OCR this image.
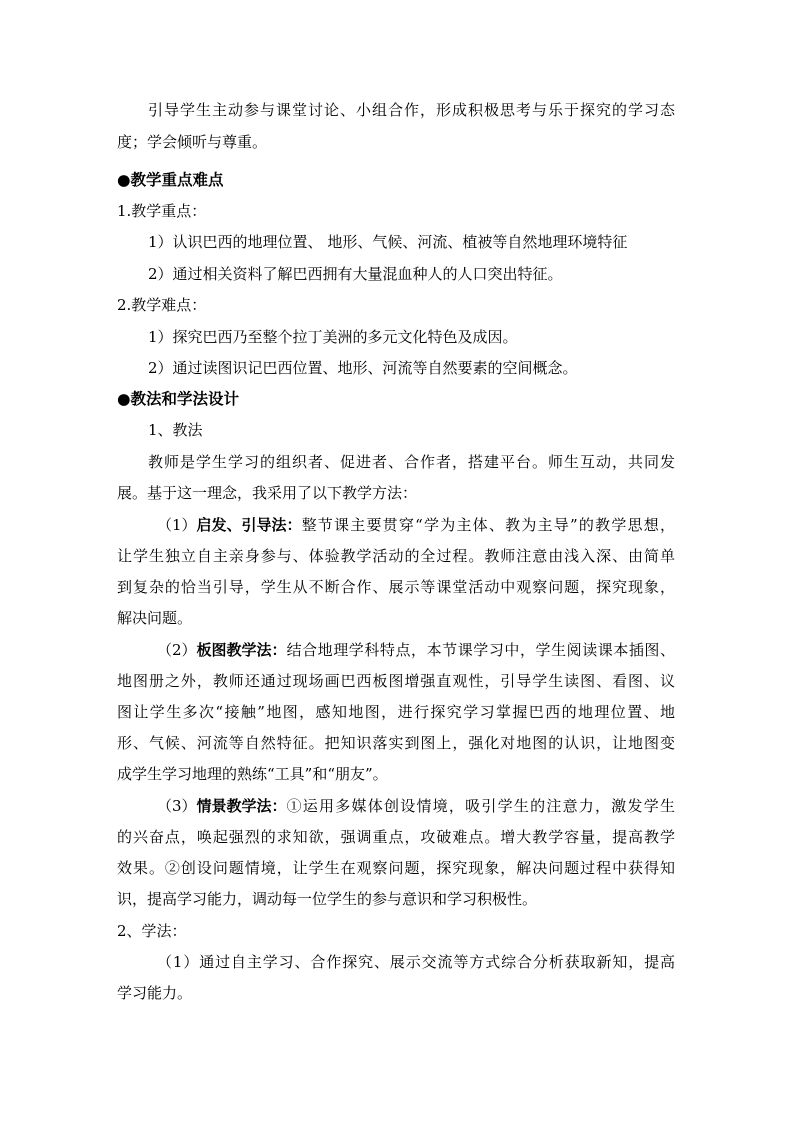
引导学生主动参与课堂讨论、小组合作，形成积极思考与乐于探究的学习态
度；学会倾听与尊重。
●教学重点难点
1.教学重点：
1）认识巴西的地理位置、 地形、气候、河流、植被等自然地理环境特征
2）通过相关资料了解巴西拥有大量混血种人的人口突出特征。
2.教学难点：
1）探究巴西乃至整个拉丁美洲的多元文化特色及成因。
2）通过读图识记巴西位置、地形、河流等自然要素的空间概念。
●教法和学法设计
1、教法
教师是学生学习的组织者、促进者、合作者，搭建平台。师生互动，共同发
展。基于这一理念，我采用了以下教学方法：
（1） 启发、引导法： 整节课主要贯穿“学为主体、教为主导”的教学思想，
让学生独立自主亲身参与、体验教学活动的全过程。教师注意由浅入深、由简单
到复杂的恰当引导，学生从不断合作、展示等课堂活动中观察问题，探究现象，
解决问题。
（2） 板图教学法： 结合地理学科特点，本节课学习中，学生阅读课本插图、
地图册之外，教师还通过现场画巴西板图增强直观性，引导学生读图、看图、议
图让学生多次“接触”地图，感知地图，进行探究学习掌握巴西的地理位置、地
形、气候、河流等自然特征。把知识落实到图上，强化对地图的认识，让地图变
成学生学习地理的熟练“工具”和“朋友”。
（3） 情景教学法： ①运用多媒体创设情境，吸引学生的注意力，激发学生
的兴奋点，唤起强烈的求知欲，强调重点，攻破难点。增大教学容量，提高教学
效果。②创设问题情境，让学生在观察问题，探究现象，解决问题过程中获得知
识，提高学习能力，调动每一位学生的参与意识和学习积极性。
2、学法：
（1）通过自主学习、合作探究、展示交流等方式综合分析获取新知，提高
学习能力。
